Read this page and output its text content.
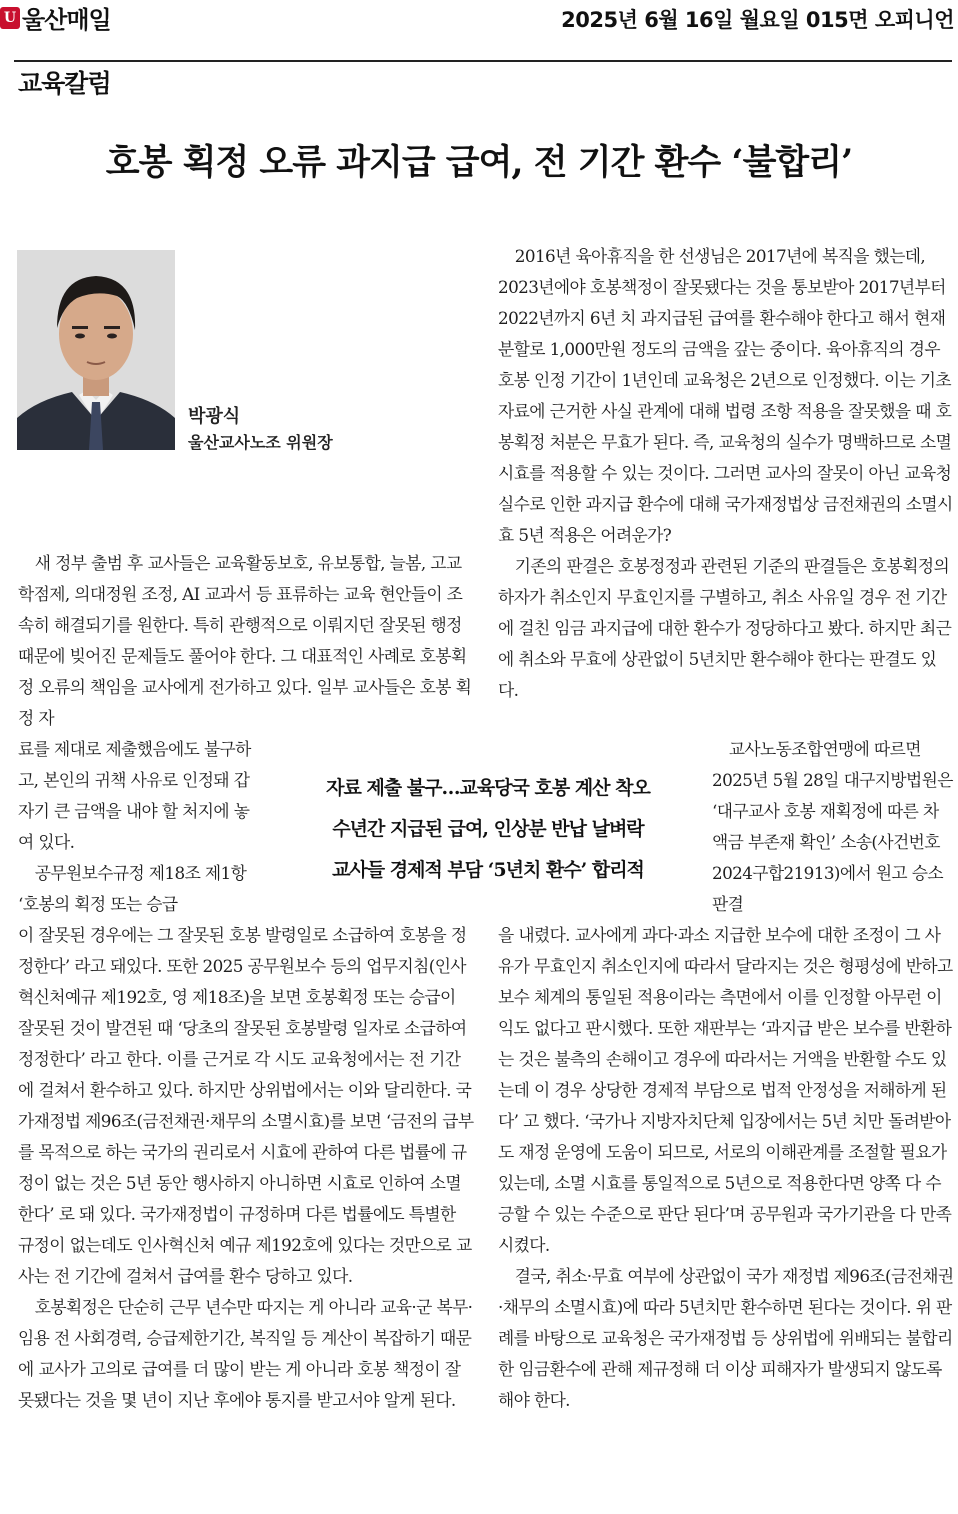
U 울산매일	2025년 6월 16일 월요일 015면 오피니언
교육칼럼
호봉 획정 오류 과지급 급여, 전 기간 환수 ‘불합리’
박광식
울산교사노조 위원장

2016년 육아휴직을 한 선생님은 2017년에 복직을 했는데, 2023년에야 호봉책정이 잘못됐다는 것을 통보받아 2017년부터 2022년까지 6년 치 과지급된 급여를 환수해야 한다고 해서 현재 분할로 1,000만원 정도의 금액을 갚는 중이다. 육아휴직의 경우 호봉 인정 기간이 1년인데 교육청은 2년으로 인정했다. 이는 기초자료에 근거한 사실 관계에 대해 법령 조항 적용을 잘못했을 때 호봉획정 처분은 무효가 된다. 즉, 교육청의 실수가 명백하므로 소멸시효를 적용할 수 있는 것이다. 그러면 교사의 잘못이 아닌 교육청 실수로 인한 과지급 환수에 대해 국가재정법상 금전채권의 소멸시효 5년 적용은 어려운가?

기존의 판결은 호봉정정과 관련된 기준의 판결들은 호봉획정의 하자가 취소인지 무효인지를 구별하고, 취소 사유일 경우 전 기간에 걸친 임금 과지급에 대한 환수가 정당하다고 봤다. 하지만 최근에 취소와 무효에 상관없이 5년치만 환수해야 한다는 판결도 있다.

새 정부 출범 후 교사들은 교육활동보호, 유보통합, 늘봄, 고교학점제, 의대정원 조정, AI 교과서 등 표류하는 교육 현안들이 조속히 해결되기를 원한다. 특히 관행적으로 이뤄지던 잘못된 행정 때문에 빚어진 문제들도 풀어야 한다. 그 대표적인 사례로 호봉획정 오류의 책임을 교사에게 전가하고 있다. 일부 교사들은 호봉 획정 자

자료 제출 불구…교육당국 호봉 계산 착오
수년간 지급된 급여, 인상분 반납 날벼락
교사들 경제적 부담 ‘5년치 환수’ 합리적

료를 제대로 제출했음에도 불구하고, 본인의 귀책 사유로 인정돼 갑자기 큰 금액을 내야 할 처지에 놓여 있다.

공무원보수규정 제18조 제1항 ‘호봉의 획정 또는 승급

교사노동조합연맹에 따르면 2025년 5월 28일 대구지방법원은 ‘대구교사 호봉 재획정에 따른 차액금 부존재 확인’ 소송(사건번호 2024구합21913)에서 원고 승소 판결

이 잘못된 경우에는 그 잘못된 호봉 발령일로 소급하여 호봉을 정정한다’ 라고 돼있다. 또한 2025 공무원보수 등의 업무지침(인사혁신처예규 제192호, 영 제18조)을 보면 호봉획정 또는 승급이 잘못된 것이 발견된 때 ‘당초의 잘못된 호봉발령 일자로 소급하여 정정한다’ 라고 한다. 이를 근거로 각 시도 교육청에서는 전 기간에 걸쳐서 환수하고 있다. 하지만 상위법에서는 이와 달리한다. 국가재정법 제96조(금전채권·채무의 소멸시효)를 보면 ‘금전의 급부를 목적으로 하는 국가의 권리로서 시효에 관하여 다른 법률에 규정이 없는 것은 5년 동안 행사하지 아니하면 시효로 인하여 소멸한다’ 로 돼 있다. 국가재정법이 규정하며 다른 법률에도 특별한 규정이 없는데도 인사혁신처 예규 제192호에 있다는 것만으로 교사는 전 기간에 걸쳐서 급여를 환수 당하고 있다.

호봉획정은 단순히 근무 년수만 따지는 게 아니라 교육·군 복무·임용 전 사회경력, 승급제한기간, 복직일 등 계산이 복잡하기 때문에 교사가 고의로 급여를 더 많이 받는 게 아니라 호봉 책정이 잘못됐다는 것을 몇 년이 지난 후에야 통지를 받고서야 알게 된다.

을 내렸다. 교사에게 과다·과소 지급한 보수에 대한 조정이 그 사유가 무효인지 취소인지에 따라서 달라지는 것은 형평성에 반하고 보수 체계의 통일된 적용이라는 측면에서 이를 인정할 아무런 이익도 없다고 판시했다. 또한 재판부는 ‘과지급 받은 보수를 반환하는 것은 불측의 손해이고 경우에 따라서는 거액을 반환할 수도 있는데 이 경우 상당한 경제적 부담으로 법적 안정성을 저해하게 된다’ 고 했다. ‘국가나 지방자치단체 입장에서는 5년 치만 돌려받아도 재정 운영에 도움이 되므로, 서로의 이해관계를 조절할 필요가 있는데, 소멸 시효를 통일적으로 5년으로 적용한다면 양쪽 다 수긍할 수 있는 수준으로 판단 된다’며 공무원과 국가기관을 다 만족시켰다.

결국, 취소·무효 여부에 상관없이 국가 재정법 제96조(금전채권·채무의 소멸시효)에 따라 5년치만 환수하면 된다는 것이다. 위 판례를 바탕으로 교육청은 국가재정법 등 상위법에 위배되는 불합리한 임금환수에 관해 제규정해 더 이상 피해자가 발생되지 않도록 해야 한다.
